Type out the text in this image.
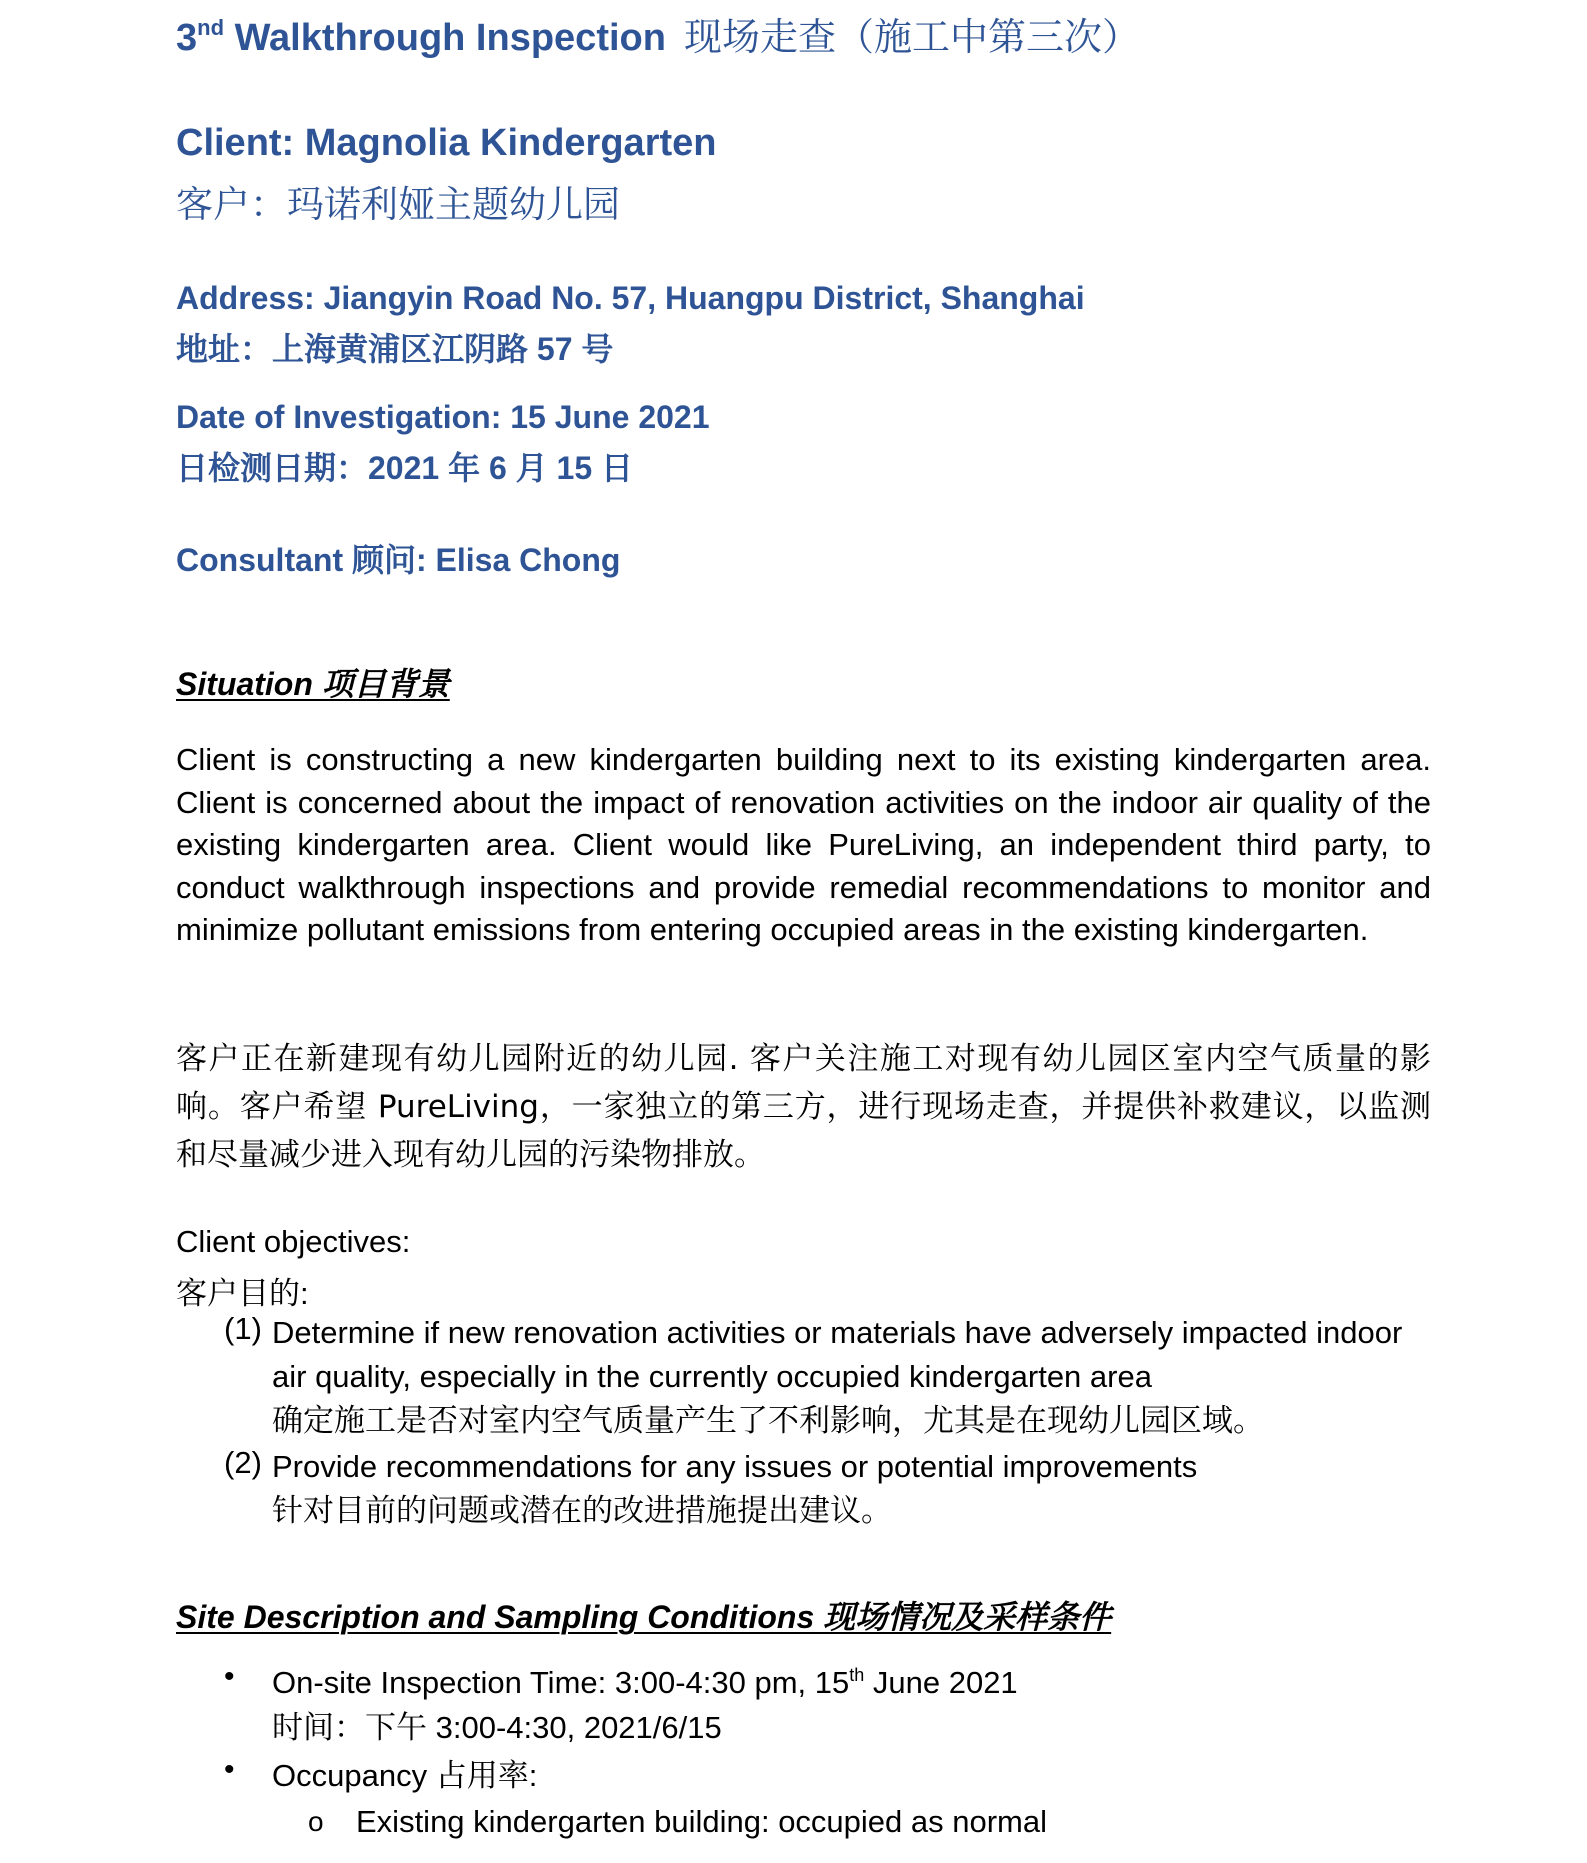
3nd Walkthrough Inspection 现场走查（施工中第三次）
Client: Magnolia Kindergarten
客户：玛诺利娅主题幼儿园
Address: Jiangyin Road No. 57, Huangpu District, Shanghai
地址：上海黄浦区江阴路 57 号
Date of Investigation: 15 June 2021
日检测日期：2021 年 6 月 15 日
Consultant 顾问: Elisa Chong
Situation 项目背景
Client is constructing a new kindergarten building next to its existing kindergarten area. Client is concerned about the impact of renovation activities on the indoor air quality of the existing kindergarten area. Client would like PureLiving, an independent third party, to conduct walkthrough inspections and provide remedial recommendations to monitor and minimize pollutant emissions from entering occupied areas in the existing kindergarten.
客户正在新建现有幼儿园附近的幼儿园. 客户关注施工对现有幼儿园区室内空气质量的影响。客户希望 PureLiving，一家独立的第三方，进行现场走查，并提供补救建议，以监测和尽量减少进入现有幼儿园的污染物排放。
Client objectives:
客户目的:
(1) Determine if new renovation activities or materials have adversely impacted indoor air quality, especially in the currently occupied kindergarten area
确定施工是否对室内空气质量产生了不利影响，尤其是在现幼儿园区域。
(2) Provide recommendations for any issues or potential improvements
针对目前的问题或潜在的改进措施提出建议。
Site Description and Sampling Conditions 现场情况及采样条件
• On-site Inspection Time: 3:00-4:30 pm, 15th June 2021
时间：下午 3:00-4:30, 2021/6/15
• Occupancy 占用率:
o Existing kindergarten building: occupied as normal
